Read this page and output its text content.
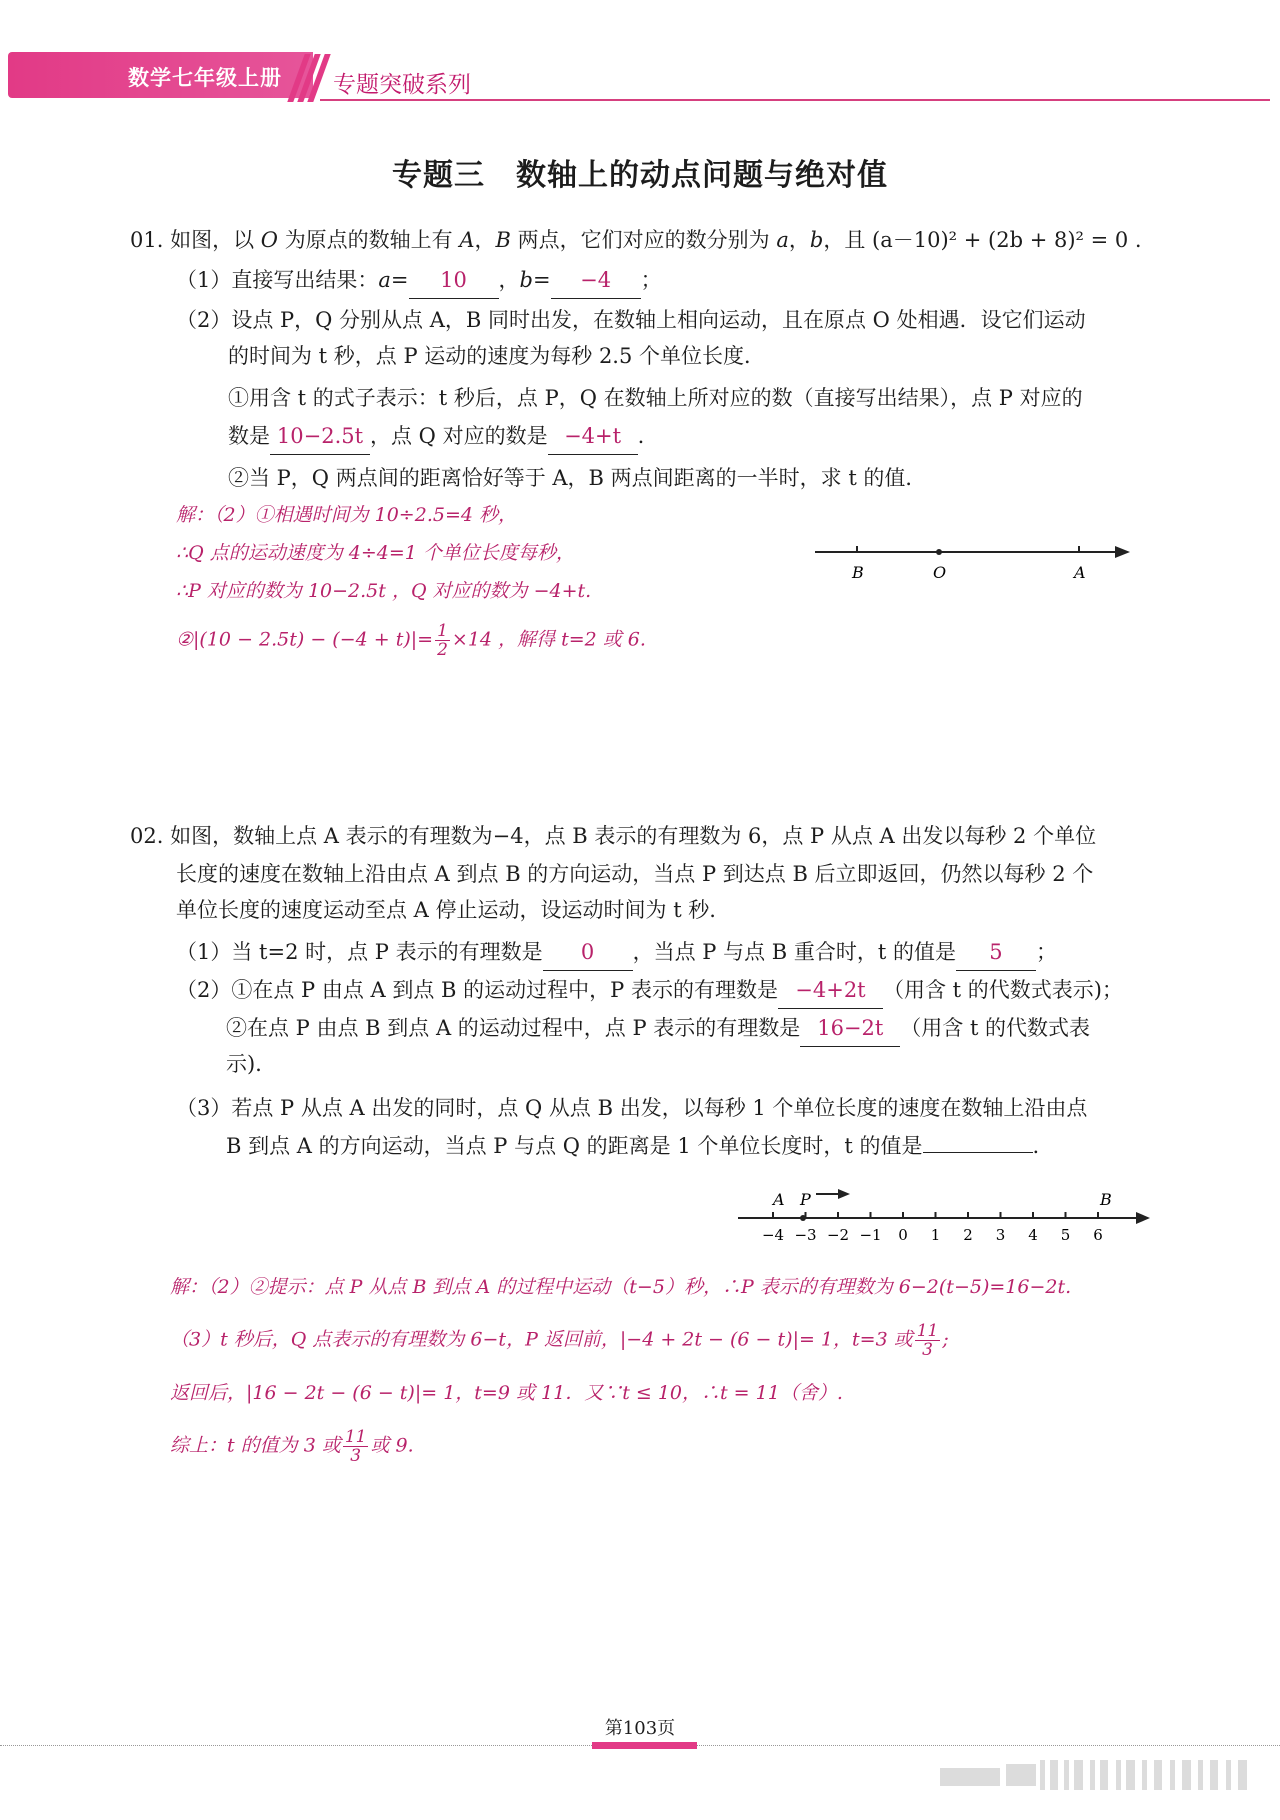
数学七年级上册 专题突破系列
专题三　数轴上的动点问题与绝对值
01. 如图，以 O 为原点的数轴上有 A，B 两点，它们对应的数分别为 a，b，且 (a－10)² + (2b + 8)² = 0 .
（1）直接写出结果：a= 10 ，b= −4 ；
（2）设点 P，Q 分别从点 A，B 同时出发，在数轴上相向运动，且在原点 O 处相遇．设它们运动
的时间为 t 秒，点 P 运动的速度为每秒 2.5 个单位长度．
①用含 t 的式子表示：t 秒后，点 P，Q 在数轴上所对应的数（直接写出结果），点 P 对应的
数是 10−2.5t ，点 Q 对应的数是 −4+t .
②当 P，Q 两点间的距离恰好等于 A，B 两点间距离的一半时，求 t 的值．
解：（2）①相遇时间为 10÷2.5=4 秒，
∴Q 点的运动速度为 4÷4=1 个单位长度每秒，
∴P 对应的数为 10−2.5t ，Q 对应的数为 −4+t.
②|(10 − $2.5t) - (-4 + t)|= \frac{1}{2} \times 14$ ，解得 t=2 或 6.
B	O	A
02. 如图，数轴上点 A 表示的有理数为−4，点 B 表示的有理数为 6，点 P 从点 A 出发以每秒 2 个单位
长度的速度在数轴上沿由点 A 到点 B 的方向运动，当点 P 到达点 B 后立即返回，仍然以每秒 2 个
单位长度的速度运动至点 A 停止运动，设运动时间为 t 秒.
（1）当 t=2 时，点 P 表示的有理数是 0 ，当点 P 与点 B 重合时，t 的值是 5 ；
（2）①在点 P 由点 A 到点 B 的运动过程中，P 表示的有理数是 −4+2t （用含 t 的代数式表示)；
②在点 P 由点 B 到点 A 的运动过程中，点 P 表示的有理数是 16−2t （用含 t 的代数式表
示)．
（3）若点 P 从点 A 出发的同时，点 Q 从点 B 出发，以每秒 1 个单位长度的速度在数轴上沿由点
B 到点 A 的方向运动，当点 P 与点 Q 的距离是 1 个单位长度时，t 的值是	.
−4 −3 −2 −1 0 1 2 3 4 5 6
A P	B
解：（2）②提示：点 P 从点 B 到点 A 的过程中运动（t−5）秒，∴P 表示的有理数为 6−2(t−5)=16−2t.
（3）t 秒后，Q 点表示的有理数为 6−t，P 返回前，|−4 + 2t − (6 − t)|= 1，t=3 或 $\frac{11}{3}$ ;
返回后，|16 − 2t − (6 − t)|= 1，t=9 或 11．又∵t ≤ 10，∴t = 11（舍）.
综上：t 的值为 3 或 $\frac{11}{3}$ 或 9.
第103页
